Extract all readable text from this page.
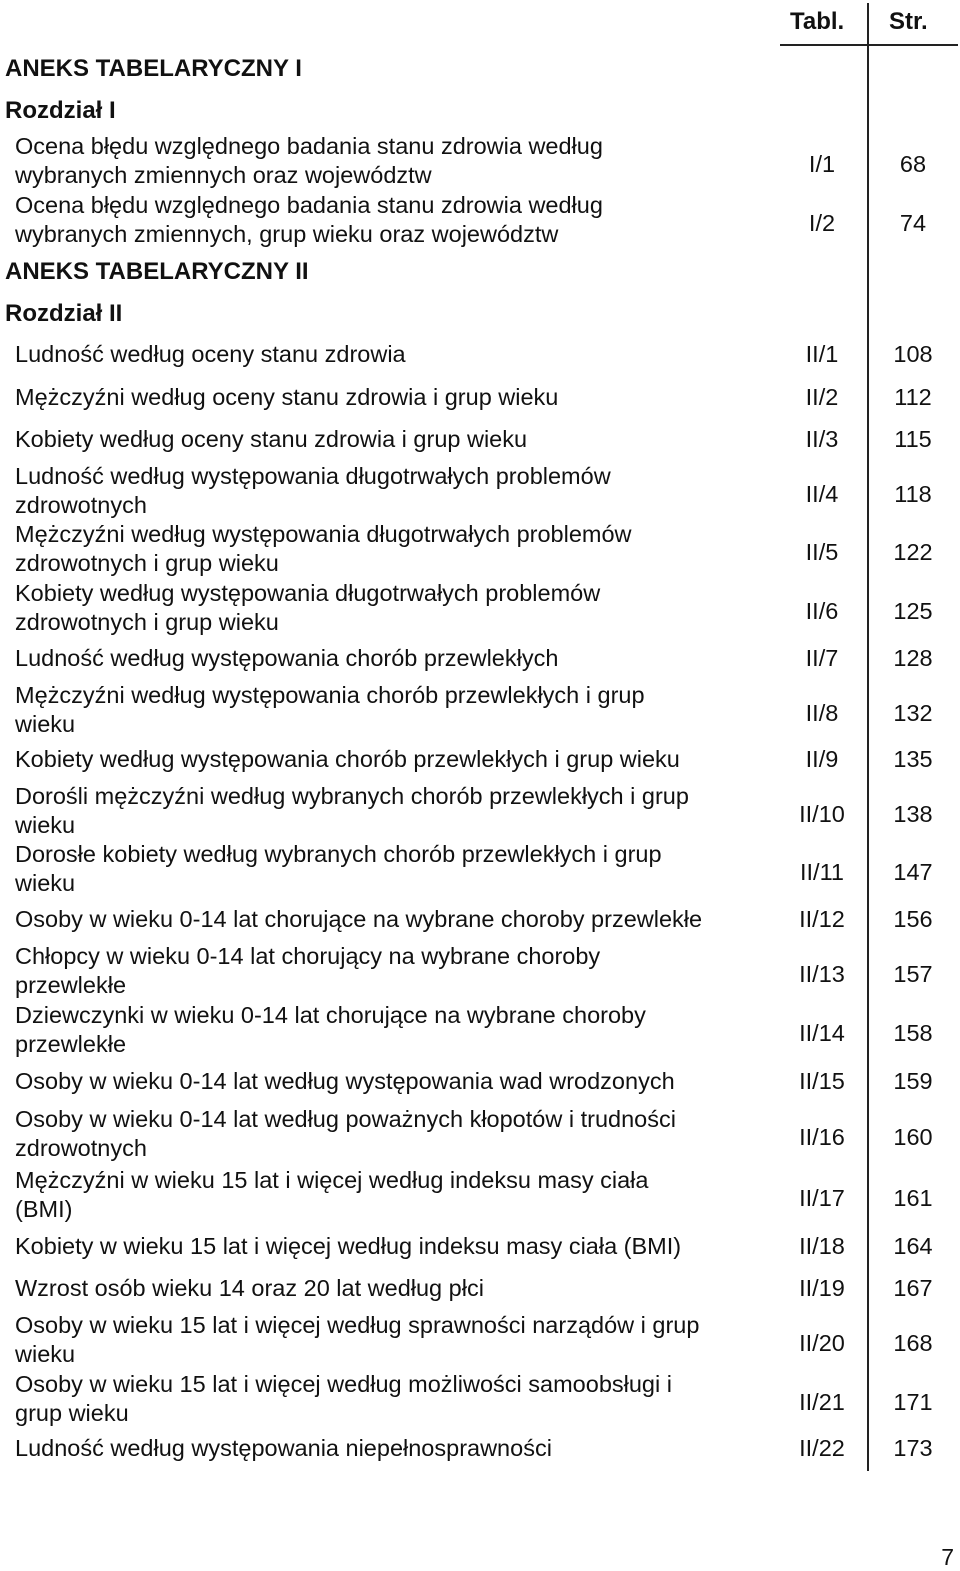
Tabl. Str.
ANEKS TABELARYCZNY I
Rozdział I
Ocena błędu względnego badania stanu zdrowia według
wybranych zmiennych oraz województw	I/1	68
Ocena błędu względnego badania stanu zdrowia według
wybranych zmiennych, grup wieku oraz województw	I/2	74
ANEKS TABELARYCZNY II
Rozdział II
Ludność według oceny stanu zdrowia	II/1	108
Mężczyźni według oceny stanu zdrowia i grup wieku	II/2	112
Kobiety według oceny stanu zdrowia i grup wieku	II/3	115
Ludność według występowania długotrwałych problemów
zdrowotnych	II/4	118
Mężczyźni według występowania długotrwałych problemów
zdrowotnych i grup wieku	II/5	122
Kobiety według występowania długotrwałych problemów
zdrowotnych i grup wieku	II/6	125
Ludność według występowania chorób przewlekłych	II/7	128
Mężczyźni według występowania chorób przewlekłych i grup
wieku	II/8	132
Kobiety według występowania chorób przewlekłych i grup wieku	II/9	135
Dorośli mężczyźni według wybranych chorób przewlekłych i grup
wieku	II/10	138
Dorosłe kobiety według wybranych chorób przewlekłych i grup
wieku	II/11	147
Osoby w wieku 0-14 lat chorujące na wybrane choroby przewlekłe	II/12	156
Chłopcy w wieku 0-14 lat chorujący na wybrane choroby
przewlekłe	II/13	157
Dziewczynki w wieku 0-14 lat chorujące na wybrane choroby
przewlekłe	II/14	158
Osoby w wieku 0-14 lat według występowania wad wrodzonych	II/15	159
Osoby w wieku 0-14 lat według poważnych kłopotów i trudności
zdrowotnych	II/16	160
Mężczyźni w wieku 15 lat i więcej według indeksu masy ciała
(BMI)	II/17	161
Kobiety w wieku 15 lat i więcej według indeksu masy ciała (BMI)	II/18	164
Wzrost osób wieku 14 oraz 20 lat według płci	II/19	167
Osoby w wieku 15 lat i więcej według sprawności narządów i grup
wieku	II/20	168
Osoby w wieku 15 lat i więcej według możliwości samoobsługi i
grup wieku	II/21	171
Ludność według występowania niepełnosprawności	II/22	173
7
